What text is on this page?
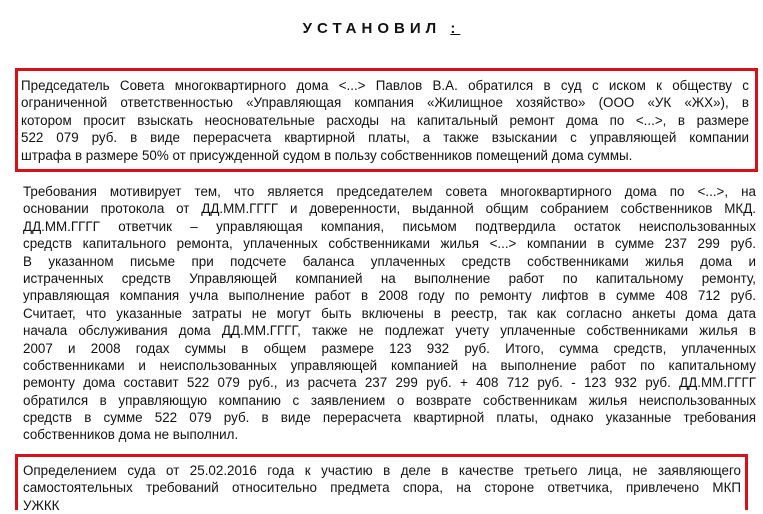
УСТАНОВИЛ :
Председатель Совета многоквартирного дома <...> Павлов В.А. обратился в суд с иском к обществу с
ограниченной ответственностью «Управляющая компания «Жилищное хозяйство» (ООО «УК «ЖХ»), в
котором просит взыскать неосновательные расходы на капитальный ремонт дома по <...>, в размере
522 079 руб. в виде перерасчета квартирной платы, а также взыскании с управляющей компании
штрафа в размере 50% от присужденной судом в пользу собственников помещений дома суммы.
Требования мотивирует тем, что является председателем совета многоквартирного дома по <...>, на
основании протокола от ДД.ММ.ГГГГ и доверенности, выданной общим собранием собственников МКД.
ДД.ММ.ГГГГ ответчик – управляющая компания, письмом подтвердила остаток неиспользованных
средств капитального ремонта, уплаченных собственниками жилья <...> компании в сумме 237 299 руб.
В указанном письме при подсчете баланса уплаченных средств собственниками жилья дома и
истраченных средств Управляющей компанией на выполнение работ по капитальному ремонту,
управляющая компания учла выполнение работ в 2008 году по ремонту лифтов в сумме 408 712 руб.
Считает, что указанные затраты не могут быть включены в реестр, так как согласно анкеты дома дата
начала обслуживания дома ДД.ММ.ГГГГ, также не подлежат учету уплаченные собственниками жилья в
2007 и 2008 годах суммы в общем размере 123 932 руб. Итого, сумма средств, уплаченных
собственниками и неиспользованных управляющей компанией на выполнение работ по капитальному
ремонту дома составит 522 079 руб., из расчета 237 299 руб. + 408 712 руб. - 123 932 руб. ДД.ММ.ГГГГ
обратился в управляющую компанию с заявлением о возврате собственникам жилья неиспользованных
средств в сумме 522 079 руб. в виде перерасчета квартирной платы, однако указанные требования
собственников дома не выполнил.
Определением суда от 25.02.2016 года к участию в деле в качестве третьего лица, не заявляющего
самостоятельных требований относительно предмета спора, на стороне ответчика, привлечено МКП
УЖКК
